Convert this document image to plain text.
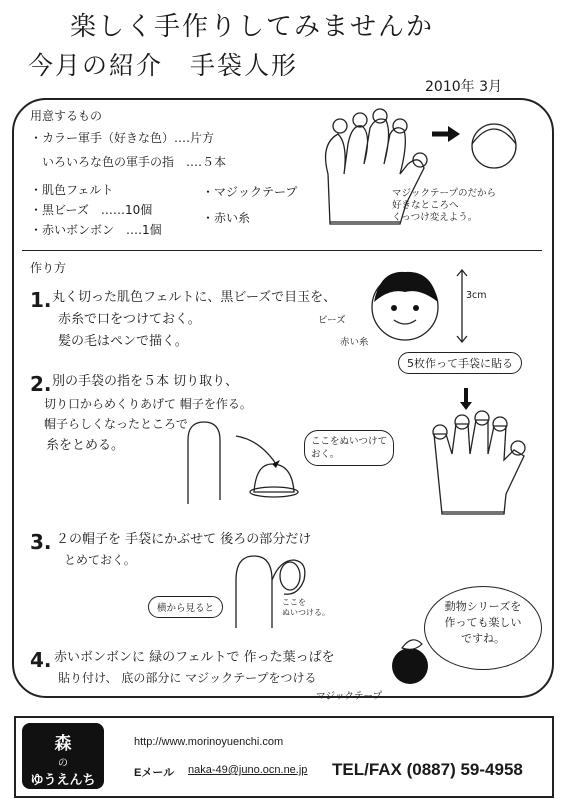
楽しく手作りしてみませんか
今月の紹介　手袋人形
2010年 3月
用意するもの
・カラー軍手（好きな色）‥‥片方
　いろいろな色の軍手の指　‥‥５本
・肌色フェルト
・黒ビーズ　‥‥‥10個
・赤いボンボン　‥‥1個
・マジックテープ
・赤い糸
マジックテープのだから
好きなところへ
くっつけ変えよう。
作り方
1. 丸く切った肌色フェルトに、黒ビーズで目玉を、
赤糸で口をつけておく。
髪の毛はペンで描く。
3cm
ビーズ
赤い糸
5枚作って手袋に貼る
2. 別の手袋の指を５本 切り取り、
切り口からめくりあげて 帽子を作る。
帽子らしくなったところで
糸をとめる。	ここをぬいつけて
おく。
3. ２の帽子を 手袋にかぶせて 後ろの部分だけ
とめておく。
横から見ると
ここを
ぬいつける。
4. 赤いボンボンに 緑のフェルトで 作った葉っぱを
貼り付け、 底の部分に マジックテープをつける
動物シリーズを
作っても楽しい
ですね。
マジックテープ
森
の
ゆうえんち
いつでも楽しいメイドな森
http://www.morinoyuenchi.com
Eメール naka-49@juno.ocn.ne.jp TEL/FAX (0887) 59-4958
